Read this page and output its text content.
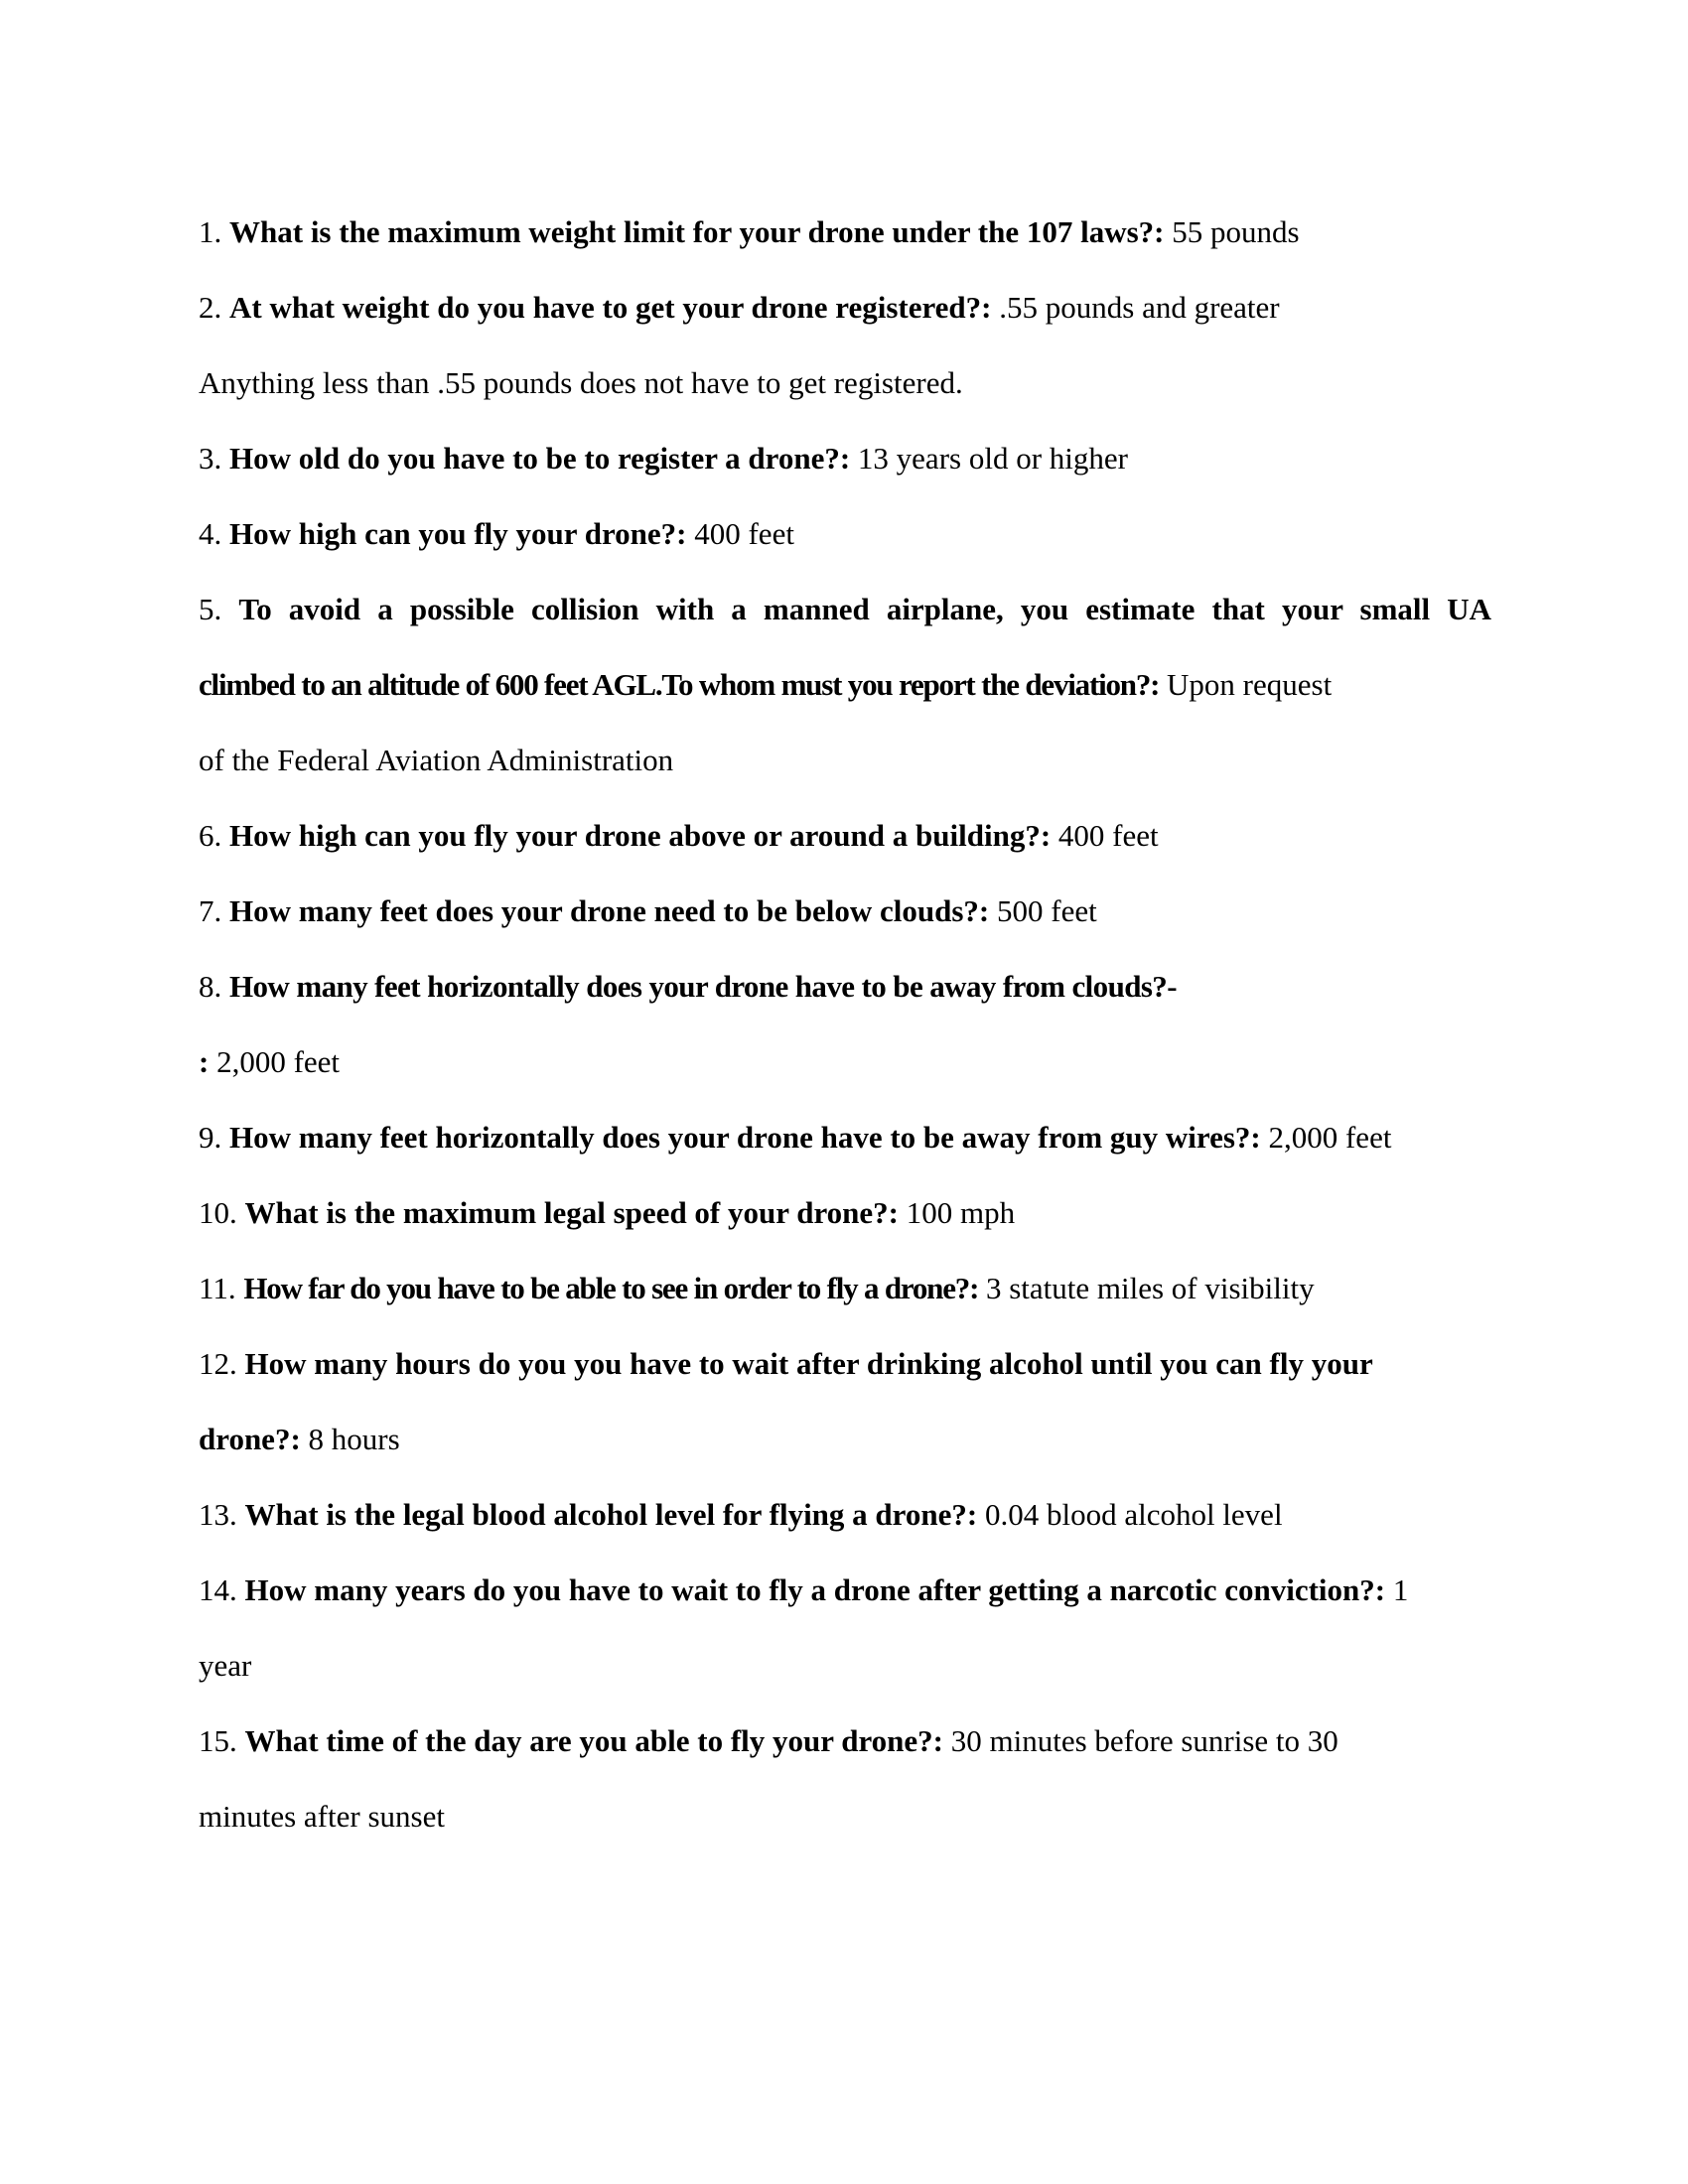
1. What is the maximum weight limit for your drone under the 107 laws?: 55 pounds
2. At what weight do you have to get your drone registered?: .55 pounds and greater
Anything less than .55 pounds does not have to get registered.
3. How old do you have to be to register a drone?: 13 years old or higher
4. How high can you fly your drone?: 400 feet
5. To avoid a possible collision with a manned airplane, you estimate that your small UA
climbed to an altitude of 600 feet AGL.To whom must you report the deviation?: Upon request
of the Federal Aviation Administration
6. How high can you fly your drone above or around a building?: 400 feet
7. How many feet does your drone need to be below clouds?: 500 feet
8. How many feet horizontally does your drone have to be away from clouds?-
: 2,000 feet
9. How many feet horizontally does your drone have to be away from guy wires?: 2,000 feet
10. What is the maximum legal speed of your drone?: 100 mph
11. How far do you have to be able to see in order to fly a drone?: 3 statute miles of visibility
12. How many hours do you you have to wait after drinking alcohol until you can fly your
drone?: 8 hours
13. What is the legal blood alcohol level for flying a drone?: 0.04 blood alcohol level
14. How many years do you have to wait to fly a drone after getting a narcotic conviction?: 1
year
15. What time of the day are you able to fly your drone?: 30 minutes before sunrise to 30
minutes after sunset
